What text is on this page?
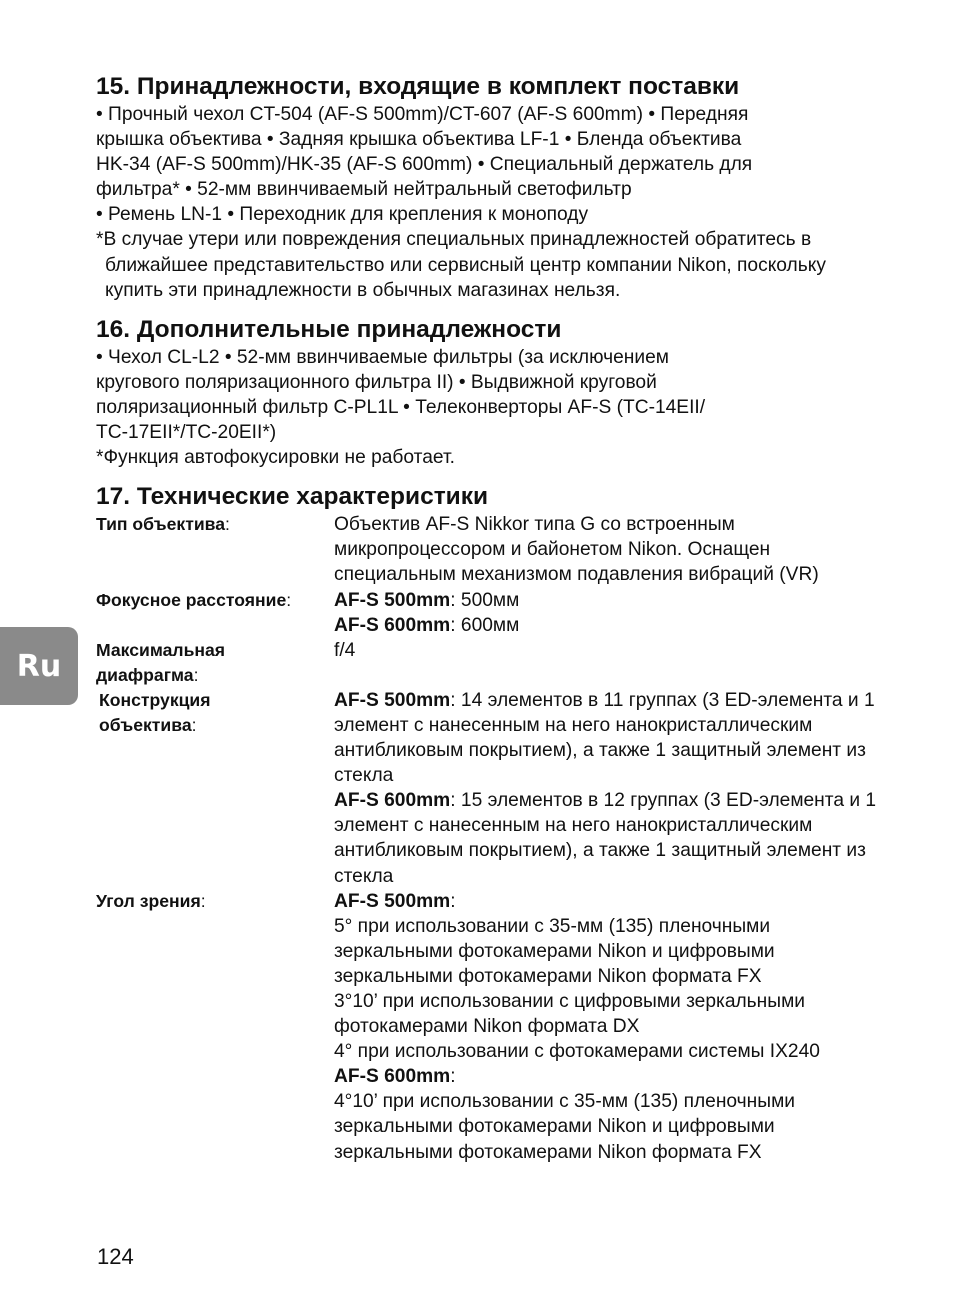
Ru
15. Принадлежности, входящие в комплект поставки

• Прочный чехол CT-504 (AF-S 500mm)/CT-607 (AF-S 600mm) • Передняя

крышка объектива • Задняя крышка объектива LF-1 • Бленда объектива

HK-34 (AF-S 500mm)/HK-35 (AF-S 600mm) • Специальный держатель для

фильтра* • 52-мм ввинчиваемый нейтральный светофильтр

• Ремень LN-1 • Переходник для крепления к моноподу

*В случае утери или повреждения специальных принадлежностей обратитесь в ближайшее представительство или сервисный центр компании Nikon, поскольку купить эти принадлежности в обычных магазинах нельзя.

16. Дополнительные принадлежности

• Чехол CL-L2 • 52-мм ввинчиваемые фильтры (за исключением

кругового поляризационного фильтра II) • Выдвижной круговой

поляризационный фильтр C-PL1L • Телеконверторы AF-S (TC-14EII/

TC-17EII*/TC-20EII*)

*Функция автофокусировки не работает.

17. Технические характеристики
Тип объектива:	Объектив AF-S Nikkor типа G со встроенным микропроцессором и байонетом Nikon. Оснащен специальным механизмом подавления вибраций (VR)
Фокусное расстояние:	AF-S 500mm: 500мм
AF-S 600mm: 600мм
Максимальная
диафрагма:
f/4
Конструкция
объектива:
AF-S 500mm: 14 элементов в 11 группах (3 ED-элемента и 1 элемент с нанесенным на него нанокристаллическим антибликовым покрытием), а также 1 защитный элемент из стекла
AF-S 600mm: 15 элементов в 12 группах (3 ED-элемента и 1 элемент с нанесенным на него нанокристаллическим антибликовым покрытием), а также 1 защитный элемент из стекла
Угол зрения:	AF-S 500mm:
5° при использовании с 35-мм (135) пленочными зеркальными фотокамерами Nikon и цифровыми зеркальными фотокамерами Nikon формата FX
3°10’ при использовании с цифровыми зеркальными фотокамерами Nikon формата DX
4° при использовании с фотокамерами системы IX240
AF-S 600mm:
4°10’ при использовании с 35-мм (135) пленочными зеркальными фотокамерами Nikon и цифровыми зеркальными фотокамерами Nikon формата FX
124
